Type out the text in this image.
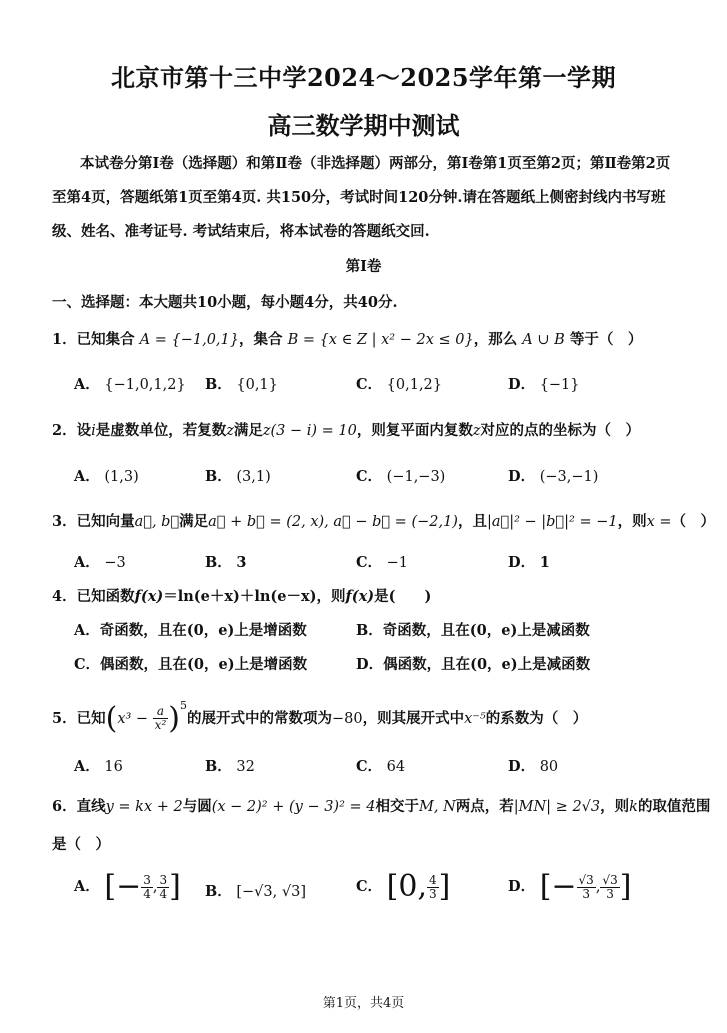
北京市第十三中学2024～2025学年第一学期
高三数学期中测试
本试卷分第Ⅰ卷（选择题）和第Ⅱ卷（非选择题）两部分，第Ⅰ卷第1页至第2页；第Ⅱ卷第2页至第4页，答题纸第1页至第4页. 共150分，考试时间120分钟.请在答题纸上侧密封线内书写班级、姓名、准考证号. 考试结束后，将本试卷的答题纸交回.
第Ⅰ卷
一、选择题：本大题共10小题，每小题4分，共40分.
1．已知集合 A = {−1,0,1}，集合 B = {x ∈ Z | x² − 2x ≤ 0}，那么 A ∪ B 等于（　）
A． {−1,0,1,2} B． {0,1}	C． {0,1,2}	D． {−1}
2．设i是虚数单位，若复数z满足z(3 − i) = 10，则复平面内复数z对应的点的坐标为（　）
A． (1,3)	B． (3,1)	C． (−1,−3)	D． (−3,−1)
3．已知向量a⃗, b⃗满足a⃗ + b⃗ = (2, x), a⃗ − b⃗ = (−2,1)，且|a⃗|² − |b⃗|² = −1，则x =（　）
A． −3	B． 3	C． −1	D． 1
4．已知函数f(x)＝ln(e＋x)＋ln(e－x)，则f(x)是(　　)
A．奇函数，且在(0，e)上是增函数	B．奇函数，且在(0，e)上是减函数
C．偶函数，且在(0，e)上是增函数	D．偶函数，且在(0，e)上是减函数
5．已知$(x^3 - \frac{a}{\text{x²}} )^5$的展开式中的常数项为−80，则其展开式中x⁻⁵的系数为（　）
A． 16	B． 32	C． 64	D． 80
6．直线y = kx + 2与圆(x − 2)² + (y − 3)² = 4相交于M, N两点，若|MN| ≥ 2√3，则k的取值范围
是（　）
A． [− $\frac{3}{4}$ , $\frac{3}{4}$ ] B． [−√3, √3]	C． [0, $\frac{4}{3}$ ]	D． [− $\frac{√3}{3}$ , $\frac{√3}{3}$ ]
第1页，共4页
